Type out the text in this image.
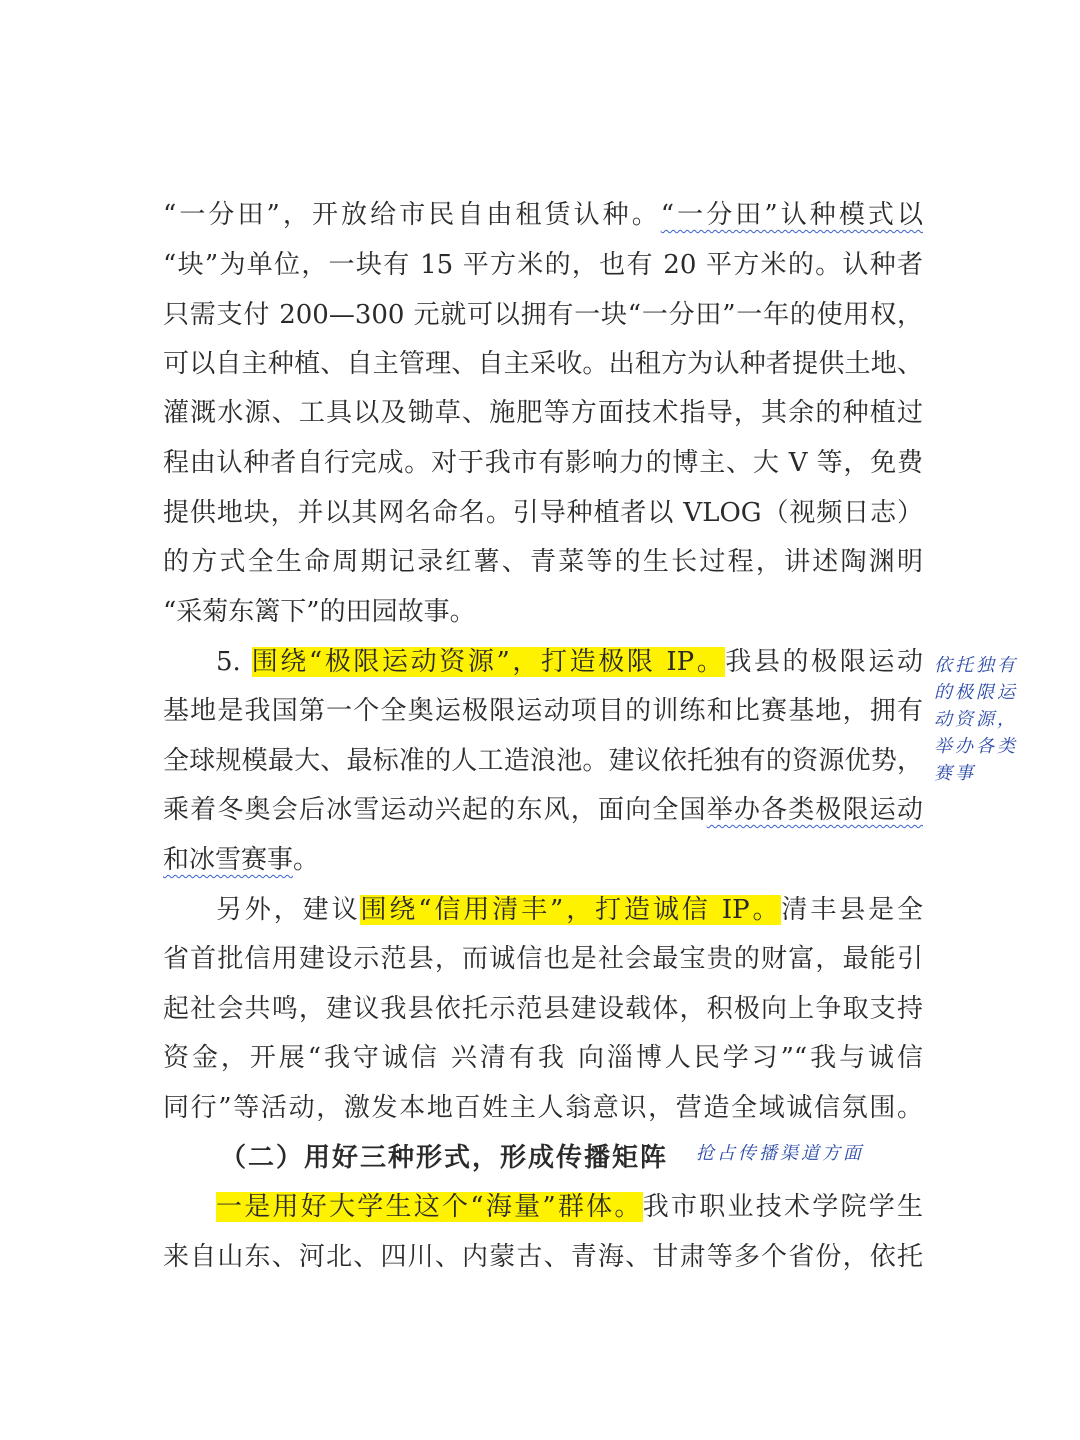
“一分田”，开放给市民自由租赁认种。“一分田”认种模式以
“块”为单位，一块有 15 平方米的，也有 20 平方米的。认种者
只需支付 200—300 元就可以拥有一块“一分田”一年的使用权，
可以自主种植、自主管理、自主采收。出租方为认种者提供土地、
灌溉水源、工具以及锄草、施肥等方面技术指导，其余的种植过
程由认种者自行完成。对于我市有影响力的博主、大 V 等，免费
提供地块，并以其网名命名。引导种植者以 VLOG（视频日志）
的方式全生命周期记录红薯、青菜等的生长过程，讲述陶渊明
“采菊东篱下”的田园故事。
5. 围绕“极限运动资源”，打造极限 IP。我县的极限运动
基地是我国第一个全奥运极限运动项目的训练和比赛基地，拥有
全球规模最大、最标准的人工造浪池。建议依托独有的资源优势，
乘着冬奥会后冰雪运动兴起的东风，面向全国举办各类极限运动
和冰雪赛事。
另外，建议围绕“信用清丰”，打造诚信 IP。清丰县是全
省首批信用建设示范县，而诚信也是社会最宝贵的财富，最能引
起社会共鸣，建议我县依托示范县建设载体，积极向上争取支持
资金，开展“我守诚信 兴清有我 向淄博人民学习”“我与诚信
同行”等活动，激发本地百姓主人翁意识，营造全域诚信氛围。
（二）用好三种形式，形成传播矩阵
一是用好大学生这个“海量”群体。我市职业技术学院学生
来自山东、河北、四川、内蒙古、青海、甘肃等多个省份，依托
依托独有
的极限运
动资源，
举办各类
赛事
抢占传播渠道方面
